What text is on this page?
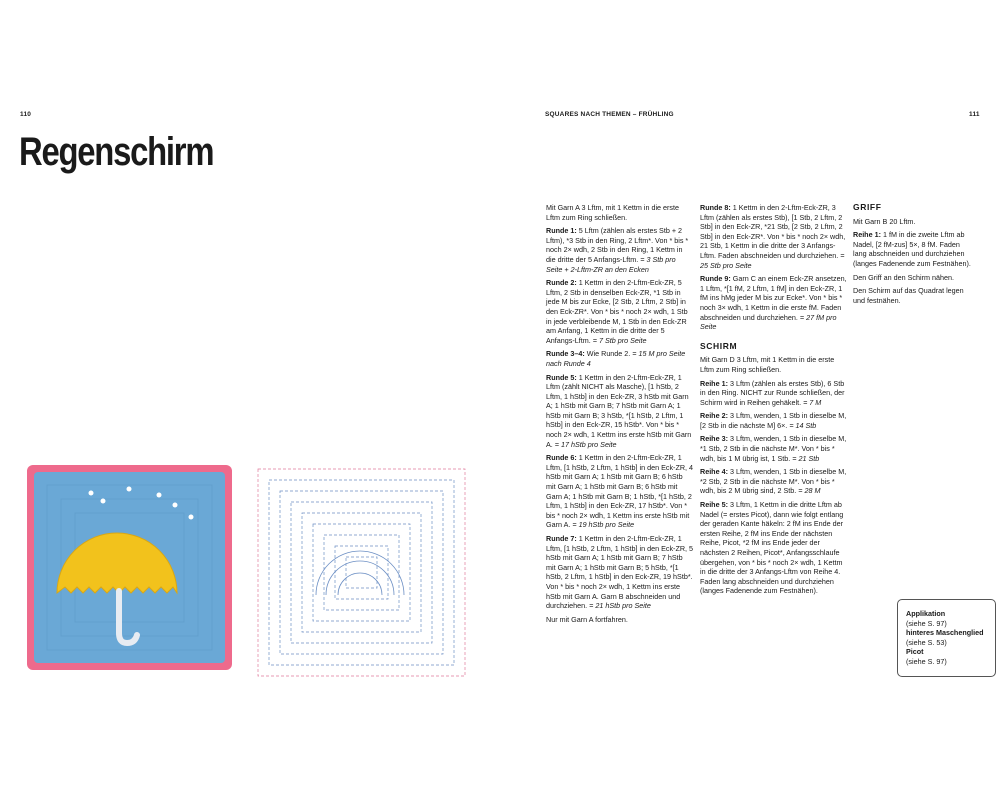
110	SQUARES NACH THEMEN – FRÜHLING	111
Regenschirm

Mit Garn A 3 Lftm, mit 1 Kettm in die erste Lftm zum Ring schließen.

Runde 1: 5 Lftm (zählen als erstes Stb + 2 Lftm), *3 Stb in den Ring, 2 Lftm*. Von * bis * noch 2× wdh, 2 Stb in den Ring, 1 Kettm in die dritte der 5 Anfangs-Lftm. = 3 Stb pro Seite + 2-Lftm-ZR an den Ecken

Runde 2: 1 Kettm in den 2-Lftm-Eck-ZR, 5 Lftm, 2 Stb in denselben Eck-ZR, *1 Stb in jede M bis zur Ecke, [2 Stb, 2 Lftm, 2 Stb] in den Eck-ZR*. Von * bis * noch 2× wdh, 1 Stb in jede verbleibende M, 1 Stb in den Eck-ZR am Anfang, 1 Kettm in die dritte der 5 Anfangs-Lftm. = 7 Stb pro Seite

Runde 3–4: Wie Runde 2. = 15 M pro Seite nach Runde 4

Runde 5: 1 Kettm in den 2-Lftm-Eck-ZR, 1 Lftm (zählt NICHT als Masche), [1 hStb, 2 Lftm, 1 hStb] in den Eck-ZR, 3 hStb mit Garn A; 1 hStb mit Garn B; 7 hStb mit Garn A; 1 hStb mit Garn B; 3 hStb, *[1 hStb, 2 Lftm, 1 hStb] in den Eck-ZR, 15 hStb*. Von * bis * noch 2× wdh, 1 Kettm ins erste hStb mit Garn A. = 17 hStb pro Seite

Runde 6: 1 Kettm in den 2-Lftm-Eck-ZR, 1 Lftm, [1 hStb, 2 Lftm, 1 hStb] in den Eck-ZR, 4 hStb mit Garn A; 1 hStb mit Garn B; 6 hStb mit Garn A; 1 hStb mit Garn B; 6 hStb mit Garn A; 1 hStb mit Garn B; 1 hStb, *[1 hStb, 2 Lftm, 1 hStb] in den Eck-ZR, 17 hStb*. Von * bis * noch 2× wdh, 1 Kettm ins erste hStb mit Garn A. = 19 hStb pro Seite

Runde 7: 1 Kettm in den 2-Lftm-Eck-ZR, 1 Lftm, [1 hStb, 2 Lftm, 1 hStb] in den Eck-ZR, 5 hStb mit Garn A; 1 hStb mit Garn B; 7 hStb mit Garn A; 1 hStb mit Garn B; 5 hStb, *[1 hStb, 2 Lftm, 1 hStb] in den Eck-ZR, 19 hStb*. Von * bis * noch 2× wdh, 1 Kettm ins erste hStb mit Garn A. Garn B abschneiden und durchziehen. = 21 hStb pro Seite

Nur mit Garn A fortfahren.

Runde 8: 1 Kettm in den 2-Lftm-Eck-ZR, 3 Lftm (zählen als erstes Stb), [1 Stb, 2 Lftm, 2 Stb] in den Eck-ZR, *21 Stb, [2 Stb, 2 Lftm, 2 Stb] in den Eck-ZR*. Von * bis * noch 2× wdh, 21 Stb, 1 Kettm in die dritte der 3 Anfangs-Lftm. Faden abschneiden und durchziehen. = 25 Stb pro Seite

Runde 9: Garn C an einem Eck-ZR ansetzen, 1 Lftm, *[1 fM, 2 Lftm, 1 fM] in den Eck-ZR, 1 fM ins hMg jeder M bis zur Ecke*. Von * bis * noch 3× wdh, 1 Kettm in die erste fM. Faden abschneiden und durchziehen. = 27 fM pro Seite

SCHIRM

Mit Garn D 3 Lftm, mit 1 Kettm in die erste Lftm zum Ring schließen.

Reihe 1: 3 Lftm (zählen als erstes Stb), 6 Stb in den Ring. NICHT zur Runde schließen, der Schirm wird in Reihen gehäkelt. = 7 M

Reihe 2: 3 Lftm, wenden, 1 Stb in dieselbe M, [2 Stb in die nächste M] 6×. = 14 Stb

Reihe 3: 3 Lftm, wenden, 1 Stb in dieselbe M, *1 Stb, 2 Stb in die nächste M*. Von * bis * wdh, bis 1 M übrig ist, 1 Stb. = 21 Stb

Reihe 4: 3 Lftm, wenden, 1 Stb in dieselbe M, *2 Stb, 2 Stb in die nächste M*. Von * bis * wdh, bis 2 M übrig sind, 2 Stb. = 28 M

Reihe 5: 3 Lftm, 1 Kettm in die dritte Lftm ab Nadel (= erstes Picot), dann wie folgt entlang der geraden Kante häkeln: 2 fM ins Ende der ersten Reihe, 2 fM ins Ende der nächsten Reihe, Picot, *2 fM ins Ende jeder der nächsten 2 Reihen, Picot*, Anfangsschlaufe übergehen, von * bis * noch 2× wdh, 1 Kettm in die dritte der 3 Anfangs-Lftm von Reihe 4. Faden lang abschneiden und durchziehen (langes Fadenende zum Festnähen).

GRIFF

Mit Garn B 20 Lftm.

Reihe 1: 1 fM in die zweite Lftm ab Nadel, [2 fM-zus] 5×, 8 fM. Faden lang abschneiden und durchziehen (langes Fadenende zum Festnähen).

Den Griff an den Schirm nähen.

Den Schirm auf das Quadrat legen und festnähen.

Applikation
(siehe S. 97)
hinteres Maschenglied
(siehe S. 53)
Picot
(siehe S. 97)
